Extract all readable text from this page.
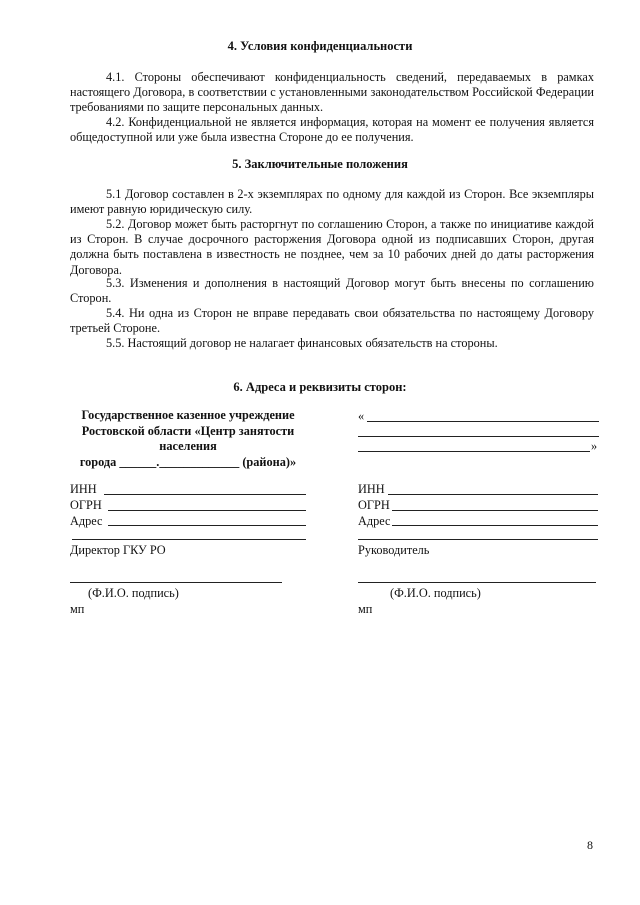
4. Условия конфиденциальности

4.1. Стороны обеспечивают конфиденциальность сведений, передаваемых в рамках настоящего Договора, в соответствии с установленными законодательством Российской Федерации требованиями по защите персональных данных.

4.2. Конфиденциальной не является информация, которая на момент ее получения является общедоступной или уже была известна Стороне до ее получения.

5. Заключительные положения

5.1 Договор составлен в 2-х экземплярах по одному для каждой из Сторон. Все экземпляры имеют равную юридическую силу.

5.2. Договор может быть расторгнут по соглашению Сторон, а также по инициативе каждой из Сторон. В случае досрочного расторжения Договора одной из подписавших Сторон, другая должна быть поставлена в известность не позднее, чем за 10 рабочих дней до даты расторжения Договора.

5.3. Изменения и дополнения в настоящий Договор могут быть внесены по соглашению Сторон.

5.4. Ни одна из Сторон не вправе передавать свои обязательства по настоящему Договору третьей Стороне.

5.5. Настоящий договор не налагает финансовых обязательств на стороны.

6. Адреса и реквизиты сторон:
Государственное казенное учреждение
Ростовской области «Центр занятости
населения
города ______._____________ (района)»
ИНН
ОГРН
Адрес
Директор ГКУ РО
(Ф.И.О. подпись)
мп
«
»
ИНН
ОГРН
Адрес
Руководитель
(Ф.И.О. подпись)
мп
8
